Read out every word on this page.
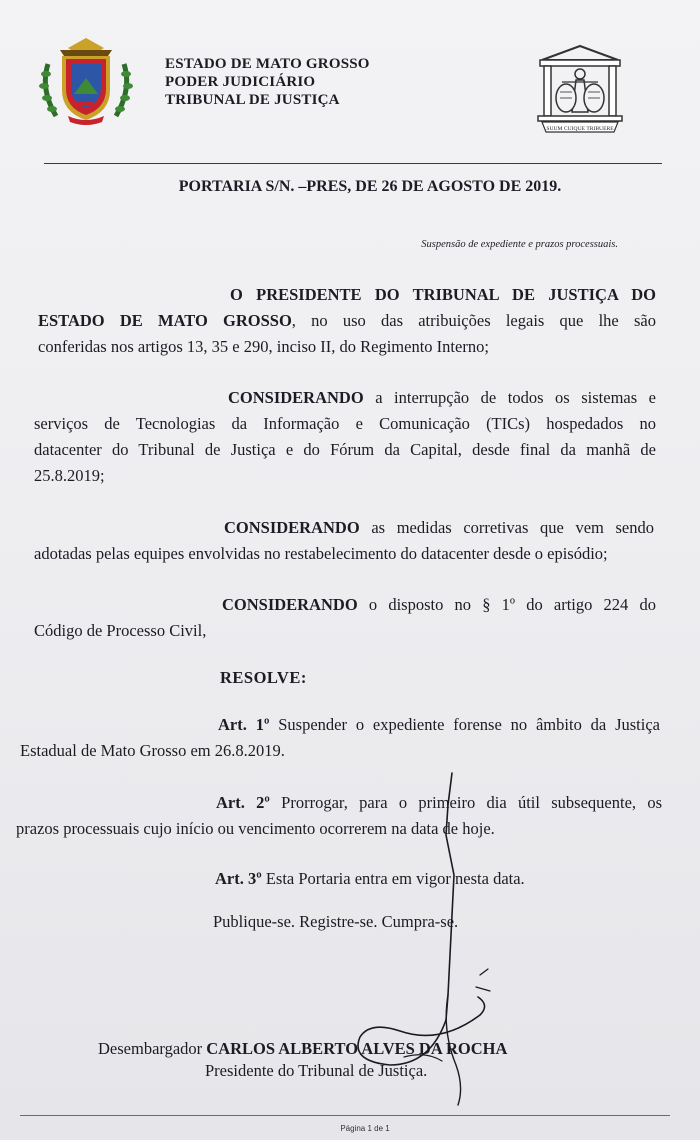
ESTADO DE MATO GROSSO
PODER JUDICIÁRIO
TRIBUNAL DE JUSTIÇA
SUUM CUIQUE TRIBUERE
PORTARIA S/N. –PRES, DE 26 DE AGOSTO DE 2019.
Suspensão de expediente e prazos processuais.
O PRESIDENTE DO TRIBUNAL DE JUSTIÇA DO
ESTADO DE MATO GROSSO, no uso das atribuições legais que lhe são
conferidas nos artigos 13, 35 e 290, inciso II, do Regimento Interno;
CONSIDERANDO a interrupção de todos os sistemas e
serviços de Tecnologias da Informação e Comunicação (TICs) hospedados no
datacenter do Tribunal de Justiça e do Fórum da Capital, desde final da manhã de
25.8.2019;
CONSIDERANDO as medidas corretivas que vem sendo
adotadas pelas equipes envolvidas no restabelecimento do datacenter desde o episódio;
CONSIDERANDO o disposto no § 1º do artigo 224 do
Código de Processo Civil,
RESOLVE:
Art. 1º Suspender o expediente forense no âmbito da Justiça
Estadual de Mato Grosso em 26.8.2019.
Art. 2º Prorrogar, para o primeiro dia útil subsequente, os
prazos processuais cujo início ou vencimento ocorrerem na data de hoje.
Art. 3º Esta Portaria entra em vigor nesta data.
Publique-se. Registre-se. Cumpra-se.
Desembargador CARLOS ALBERTO ALVES DA ROCHA
Presidente do Tribunal de Justiça.
Página 1 de 1
